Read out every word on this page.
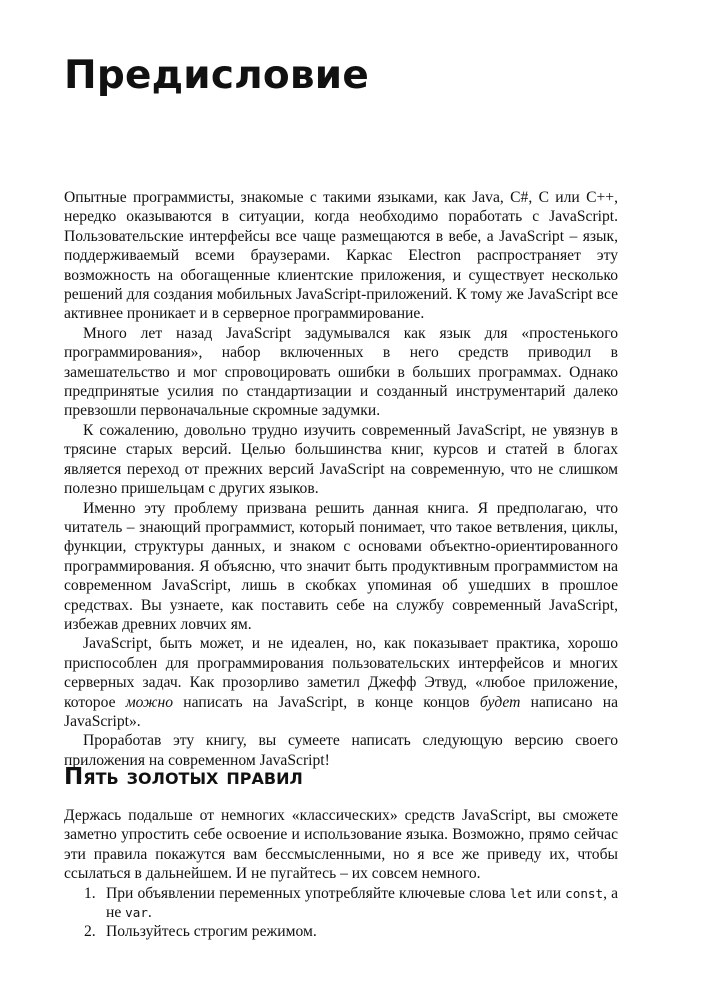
Предисловие

Опытные программисты, знакомые с такими языками, как Java, C#, C или C++, нередко оказываются в ситуации, когда необходимо поработать с JavaScript. Пользовательские интерфейсы все чаще размещаются в вебе, а JavaScript – язык, поддерживаемый всеми браузерами. Каркас Electron распространяет эту возможность на обогащенные клиентские приложения, и существует несколько решений для создания мобильных JavaScript-приложений. К тому же JavaScript все активнее проникает и в серверное программирование.

Много лет назад JavaScript задумывался как язык для «простенького программирования», набор включенных в него средств приводил в замешательство и мог спровоцировать ошибки в больших программах. Однако предпринятые усилия по стандартизации и созданный инструментарий далеко превзошли первоначальные скромные задумки.

К сожалению, довольно трудно изучить современный JavaScript, не увязнув в трясине старых версий. Целью большинства книг, курсов и статей в блогах является переход от прежних версий JavaScript на современную, что не слишком полезно пришельцам с других языков.

Именно эту проблему призвана решить данная книга. Я предполагаю, что читатель – знающий программист, который понимает, что такое ветвления, циклы, функции, структуры данных, и знаком с основами объектно-ориентированного программирования. Я объясню, что значит быть продуктивным программистом на современном JavaScript, лишь в скобках упоминая об ушедших в прошлое средствах. Вы узнаете, как поставить себе на службу современный JavaScript, избежав древних ловчих ям.

JavaScript, быть может, и не идеален, но, как показывает практика, хорошо приспособлен для программирования пользовательских интерфейсов и многих серверных задач. Как прозорливо заметил Джефф Этвуд, «любое приложение, которое можно написать на JavaScript, в конце концов будет написано на JavaScript».

Проработав эту книгу, вы сумеете написать следующую версию своего приложения на современном JavaScript!

Пять золотых правил

Держась подальше от немногих «классических» средств JavaScript, вы сможете заметно упростить себе освоение и использование языка. Возможно, прямо сейчас эти правила покажутся вам бессмысленными, но я все же приведу их, чтобы ссылаться в дальнейшем. И не пугайтесь – их совсем немного.

1. При объявлении переменных употребляйте ключевые слова let или const, а не var.
2. Пользуйтесь строгим режимом.
